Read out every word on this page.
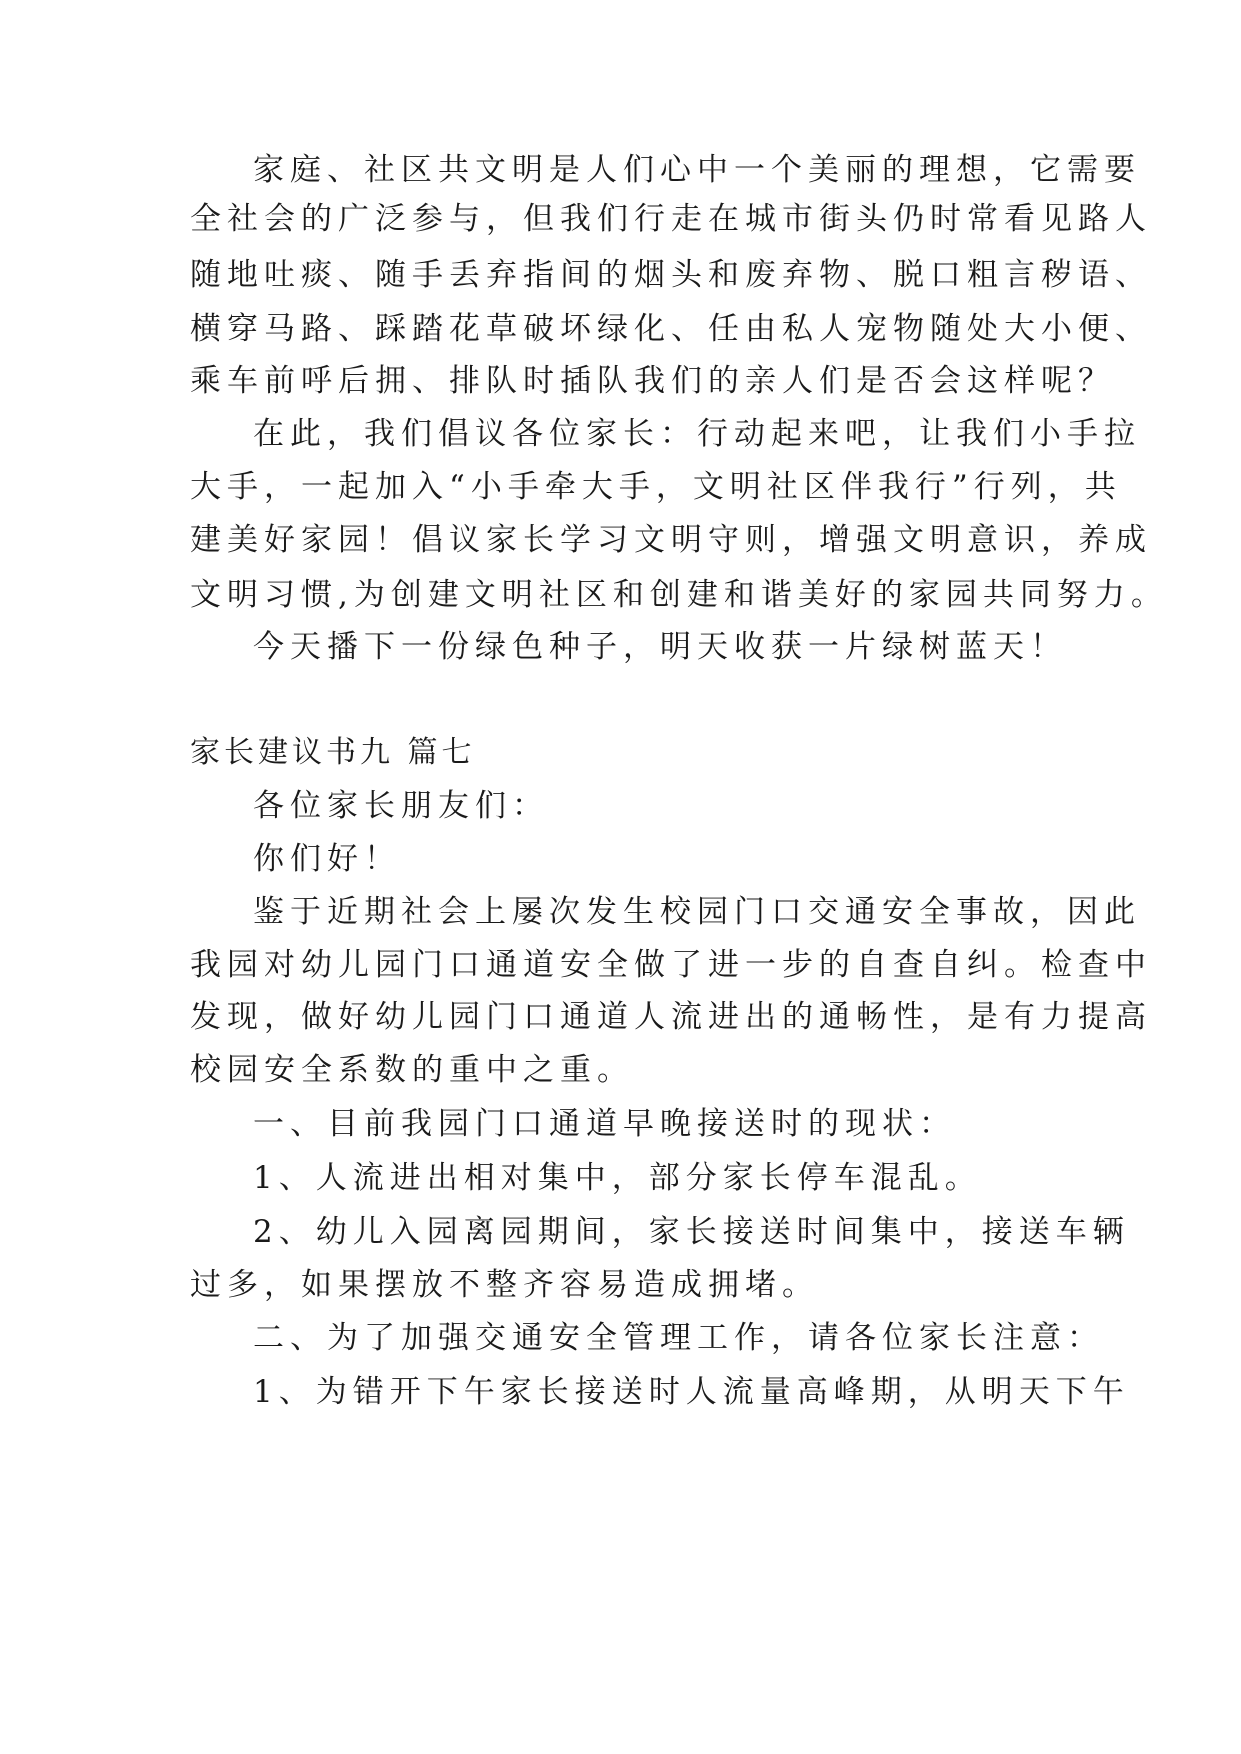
家庭、社区共文明是人们心中一个美丽的理想，它需要
全社会的广泛参与，但我们行走在城市街头仍时常看见路人
随地吐痰、随手丢弃指间的烟头和废弃物、脱口粗言秽语、
横穿马路、踩踏花草破坏绿化、任由私人宠物随处大小便、
乘车前呼后拥、排队时插队我们的亲人们是否会这样呢？
在此，我们倡议各位家长：行动起来吧，让我们小手拉
大手，一起加入“小手牵大手，文明社区伴我行”行列，共
建美好家园！倡议家长学习文明守则，增强文明意识，养成
文明习惯,为创建文明社区和创建和谐美好的家园共同努力。
今天播下一份绿色种子，明天收获一片绿树蓝天！
家长建议书九 篇七
各位家长朋友们：
你们好！
鉴于近期社会上屡次发生校园门口交通安全事故，因此
我园对幼儿园门口通道安全做了进一步的自查自纠。检查中
发现，做好幼儿园门口通道人流进出的通畅性，是有力提高
校园安全系数的重中之重。
一、目前我园门口通道早晚接送时的现状：
1、人流进出相对集中，部分家长停车混乱。
2、幼儿入园离园期间，家长接送时间集中，接送车辆
过多，如果摆放不整齐容易造成拥堵。
二、为了加强交通安全管理工作，请各位家长注意：
1、为错开下午家长接送时人流量高峰期，从明天下午
